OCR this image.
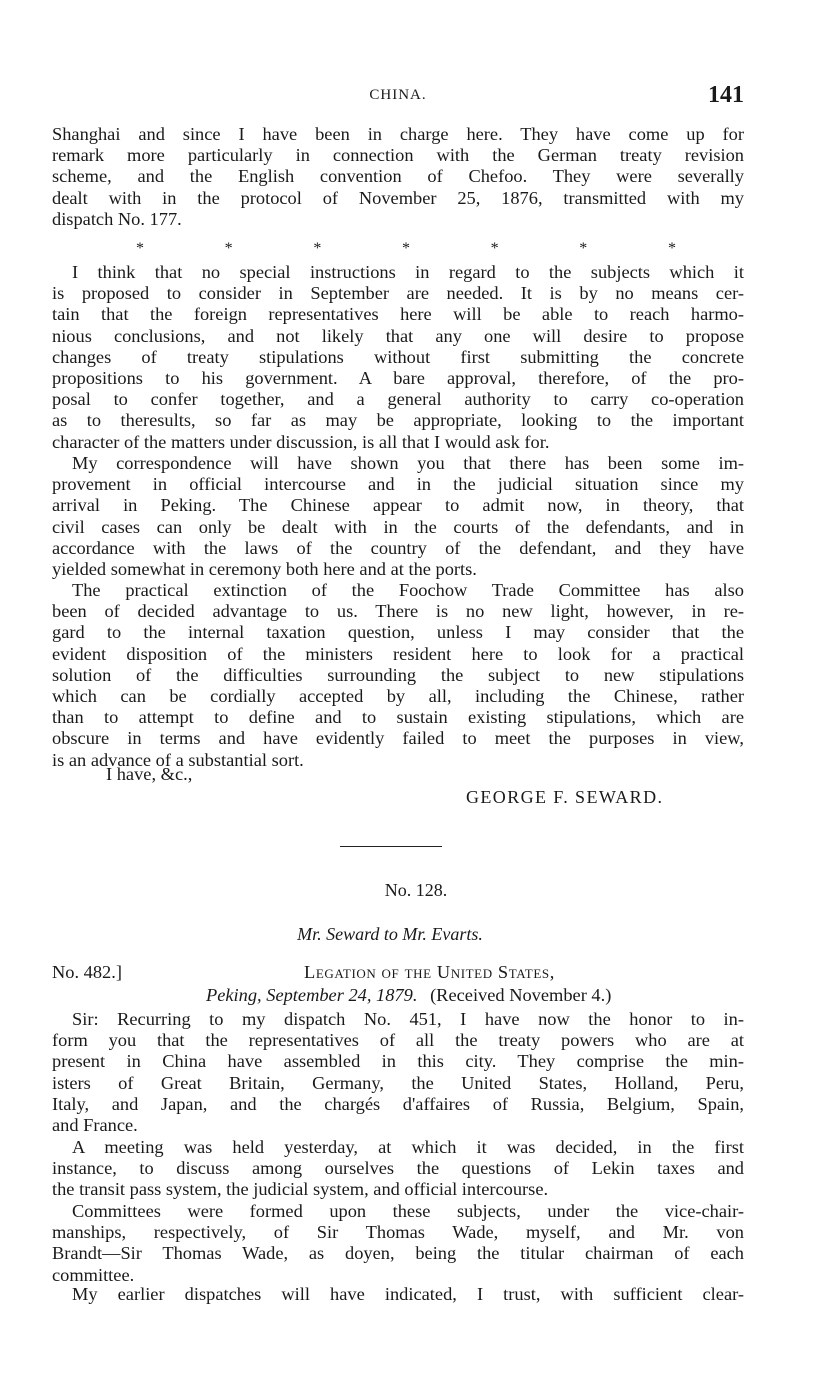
CHINA.	141
Shanghai and since I have been in charge here. They have come up for
remark more particularly in connection with the German treaty revision
scheme, and the English convention of Chefoo. They were severally
dealt with in the protocol of November 25, 1876, transmitted with my
dispatch No. 177.
*	*	*	*	*	*	*
I think that no special instructions in regard to the subjects which it
is proposed to consider in September are needed. It is by no means cer-
tain that the foreign representatives here will be able to reach harmo-
nious conclusions, and not likely that any one will desire to propose
changes of treaty stipulations without first submitting the concrete
propositions to his government. A bare approval, therefore, of the pro-
posal to confer together, and a general authority to carry co-operation
as to theresults, so far as may be appropriate, looking to the important
character of the matters under discussion, is all that I would ask for.
My correspondence will have shown you that there has been some im-
provement in official intercourse and in the judicial situation since my
arrival in Peking. The Chinese appear to admit now, in theory, that
civil cases can only be dealt with in the courts of the defendants, and in
accordance with the laws of the country of the defendant, and they have
yielded somewhat in ceremony both here and at the ports.
The practical extinction of the Foochow Trade Committee has also
been of decided advantage to us. There is no new light, however, in re-
gard to the internal taxation question, unless I may consider that the
evident disposition of the ministers resident here to look for a practical
solution of the difficulties surrounding the subject to new stipulations
which can be cordially accepted by all, including the Chinese, rather
than to attempt to define and to sustain existing stipulations, which are
obscure in terms and have evidently failed to meet the purposes in view,
is an advance of a substantial sort.
I have, &c.,
GEORGE F. SEWARD.
No. 128.
Mr. Seward to Mr. Evarts.
No. 482.]	Legation of the United States,
Peking, September 24, 1879. (Received November 4.)
Sir: Recurring to my dispatch No. 451, I have now the honor to in-
form you that the representatives of all the treaty powers who are at
present in China have assembled in this city. They comprise the min-
isters of Great Britain, Germany, the United States, Holland, Peru,
Italy, and Japan, and the chargés d'affaires of Russia, Belgium, Spain,
and France.
A meeting was held yesterday, at which it was decided, in the first
instance, to discuss among ourselves the questions of Lekin taxes and
the transit pass system, the judicial system, and official intercourse.
Committees were formed upon these subjects, under the vice-chair-
manships, respectively, of Sir Thomas Wade, myself, and Mr. von
Brandt—Sir Thomas Wade, as doyen, being the titular chairman of each
committee.
My earlier dispatches will have indicated, I trust, with sufficient clear-
